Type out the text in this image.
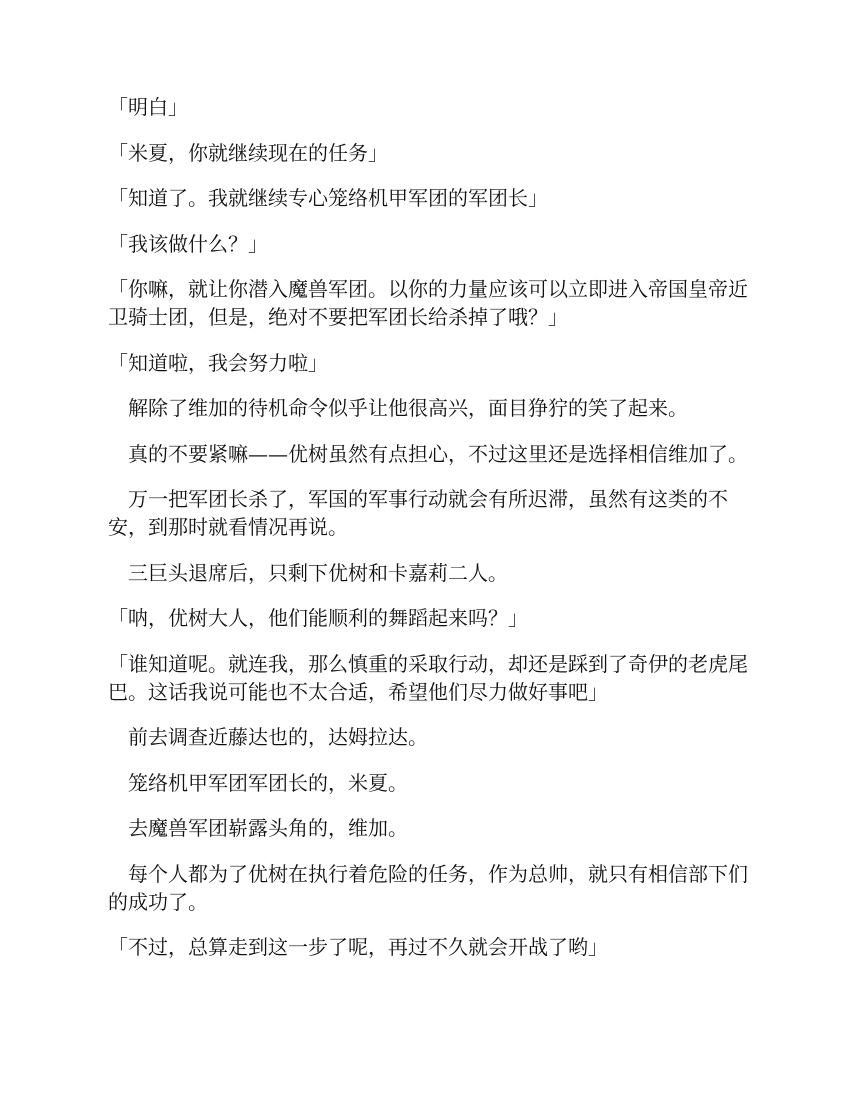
「明白」

「米夏，你就继续现在的任务」

「知道了。我就继续专心笼络机甲军团的军团长」

「我该做什么？」

「你嘛，就让你潜入魔兽军团。以你的力量应该可以立即进入帝国皇帝近卫骑士团，但是，绝对不要把军团长给杀掉了哦？」

「知道啦，我会努力啦」

　解除了维加的待机命令似乎让他很高兴，面目狰狞的笑了起来。

　真的不要紧嘛——优树虽然有点担心，不过这里还是选择相信维加了。

　万一把军团长杀了，军国的军事行动就会有所迟滞，虽然有这类的不安，到那时就看情况再说。

　三巨头退席后，只剩下优树和卡嘉莉二人。

「呐，优树大人，他们能顺利的舞蹈起来吗？」

「谁知道呢。就连我，那么慎重的采取行动，却还是踩到了奇伊的老虎尾巴。这话我说可能也不太合适，希望他们尽力做好事吧」

　前去调查近藤达也的，达姆拉达。

　笼络机甲军团军团长的，米夏。

　去魔兽军团崭露头角的，维加。

　每个人都为了优树在执行着危险的任务，作为总帅，就只有相信部下们的成功了。

「不过，总算走到这一步了呢，再过不久就会开战了哟」
